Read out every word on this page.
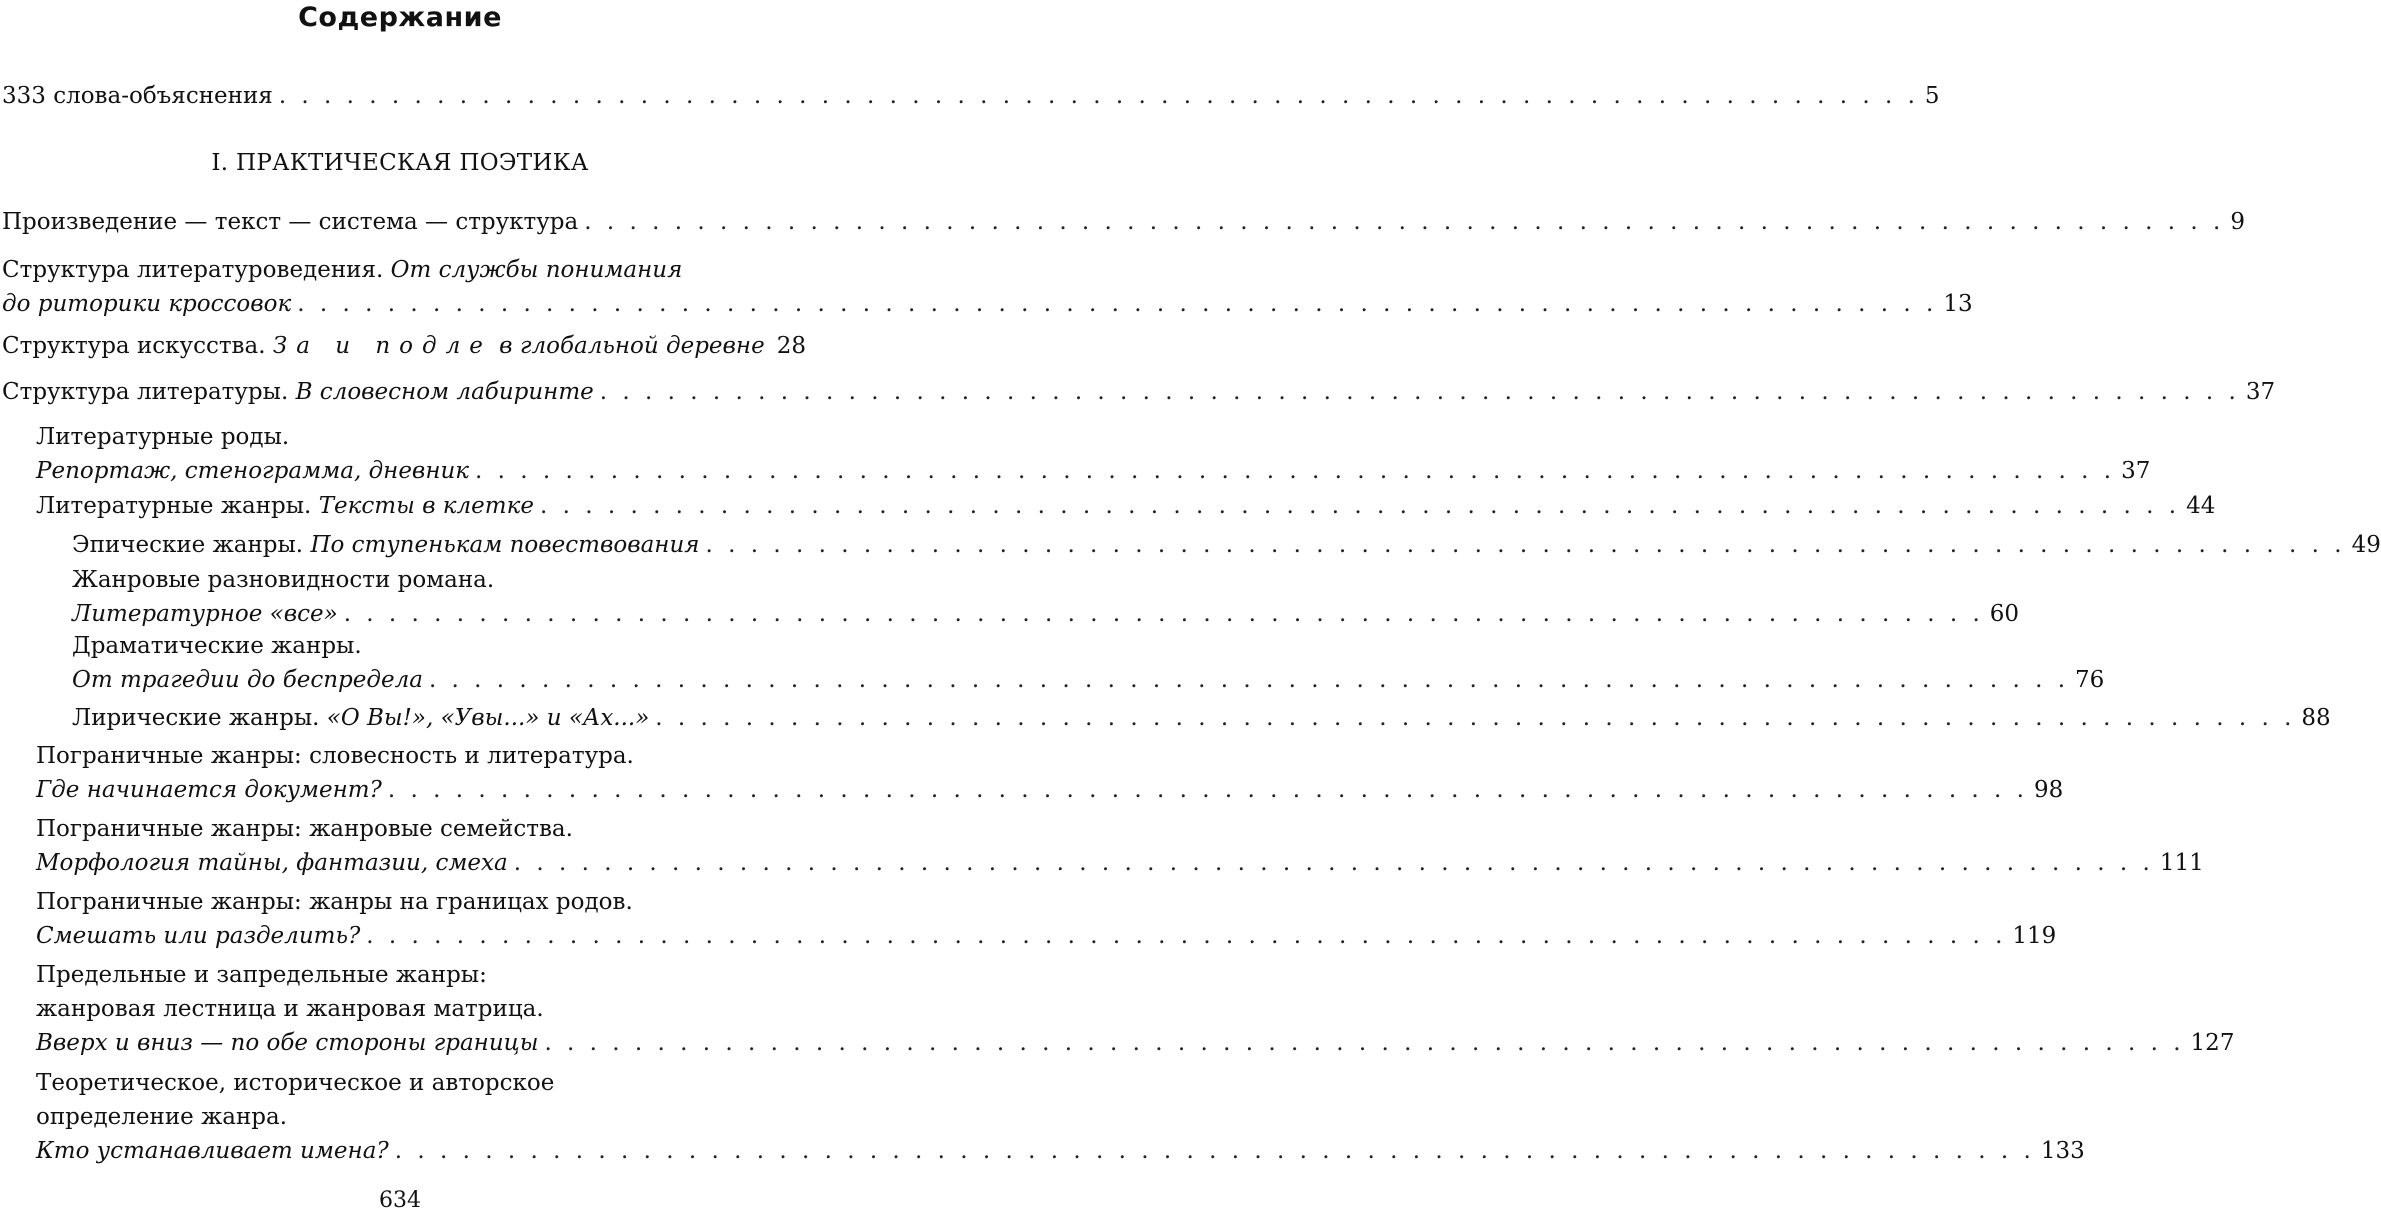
Содержание
333 слова-объяснения . . . . . . . . . . . . . . . . . . . . . . . . . . . . . . . . . . . . . . . . . . . . . . . . . . . . . . . . . . . . . . . . . . . . . . . . . 5
I. ПРАКТИЧЕСКАЯ ПОЭТИКА
Произведение — текст — система — структура . . . . . . . . . . . . . . . . . . . . . . . . . . . . . . . . . . . . . . . . . . . . . . . . . . . . . . . . . . . . . . . . . . . . . . . . . 9
Структура литературоведения. От службы понимания
до риторики кроссовок . . . . . . . . . . . . . . . . . . . . . . . . . . . . . . . . . . . . . . . . . . . . . . . . . . . . . . . . . . . . . . . . . . . . . . . . . 13
Структура искусства. За и подле в глобальной деревне 28
Структура литературы. В словесном лабиринте . . . . . . . . . . . . . . . . . . . . . . . . . . . . . . . . . . . . . . . . . . . . . . . . . . . . . . . . . . . . . . . . . . . . . . . . . 37
Литературные роды.
Репортаж, стенограмма, дневник . . . . . . . . . . . . . . . . . . . . . . . . . . . . . . . . . . . . . . . . . . . . . . . . . . . . . . . . . . . . . . . . . . . . . . . . . 37
Литературные жанры. Тексты в клетке . . . . . . . . . . . . . . . . . . . . . . . . . . . . . . . . . . . . . . . . . . . . . . . . . . . . . . . . . . . . . . . . . . . . . . . . . 44
Эпические жанры. По ступенькам повествования . . . . . . . . . . . . . . . . . . . . . . . . . . . . . . . . . . . . . . . . . . . . . . . . . . . . . . . . . . . . . . . . . . . . . . . . . 49
Жанровые разновидности романа.
Литературное «все» . . . . . . . . . . . . . . . . . . . . . . . . . . . . . . . . . . . . . . . . . . . . . . . . . . . . . . . . . . . . . . . . . . . . . . . . . 60
Драматические жанры.
От трагедии до беспредела . . . . . . . . . . . . . . . . . . . . . . . . . . . . . . . . . . . . . . . . . . . . . . . . . . . . . . . . . . . . . . . . . . . . . . . . . 76
Лирические жанры. «О Вы!», «Увы...» и «Ах...» . . . . . . . . . . . . . . . . . . . . . . . . . . . . . . . . . . . . . . . . . . . . . . . . . . . . . . . . . . . . . . . . . . . . . . . . . 88
Пограничные жанры: словесность и литература.
Где начинается документ? . . . . . . . . . . . . . . . . . . . . . . . . . . . . . . . . . . . . . . . . . . . . . . . . . . . . . . . . . . . . . . . . . . . . . . . . . 98
Пограничные жанры: жанровые семейства.
Морфология тайны, фантазии, смеха . . . . . . . . . . . . . . . . . . . . . . . . . . . . . . . . . . . . . . . . . . . . . . . . . . . . . . . . . . . . . . . . . . . . . . . . . 111
Пограничные жанры: жанры на границах родов.
Смешать или разделить? . . . . . . . . . . . . . . . . . . . . . . . . . . . . . . . . . . . . . . . . . . . . . . . . . . . . . . . . . . . . . . . . . . . . . . . . . 119
Предельные и запредельные жанры:
жанровая лестница и жанровая матрица.
Вверх и вниз — по обе стороны границы . . . . . . . . . . . . . . . . . . . . . . . . . . . . . . . . . . . . . . . . . . . . . . . . . . . . . . . . . . . . . . . . . . . . . . . . . 127
Теоретическое, историческое и авторское
определение жанра.
Кто устанавливает имена? . . . . . . . . . . . . . . . . . . . . . . . . . . . . . . . . . . . . . . . . . . . . . . . . . . . . . . . . . . . . . . . . . . . . . . . . . 133
634
